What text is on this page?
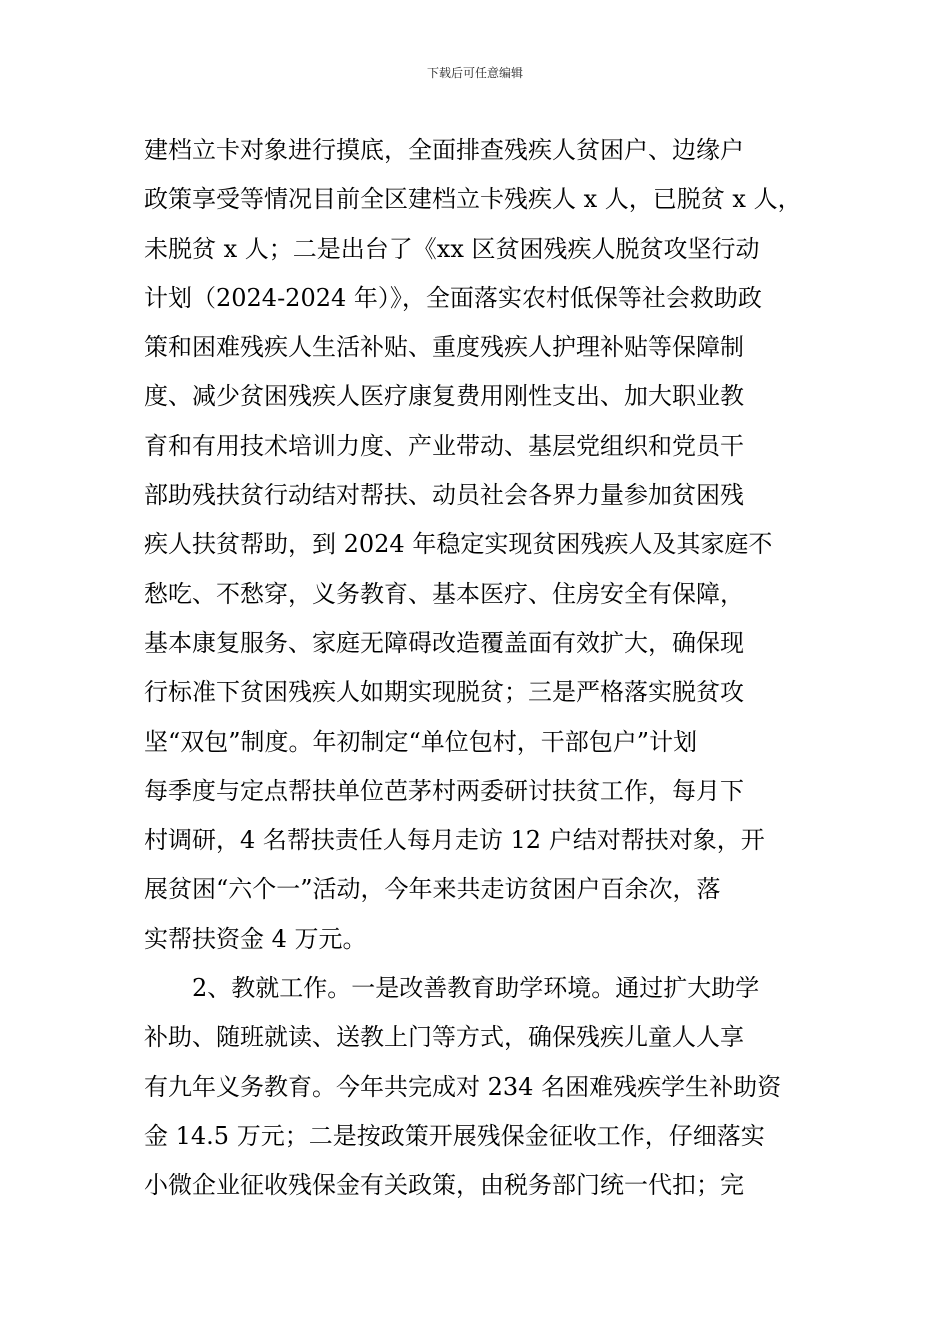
下载后可任意编辑
建档立卡对象进行摸底，全面排查残疾人贫困户、边缘户
政策享受等情况目前全区建档立卡残疾人 x 人，已脱贫 x 人，
未脱贫 x 人；二是出台了《xx 区贫困残疾人脱贫攻坚行动
计划（2024-2024 年）》，全面落实农村低保等社会救助政
策和困难残疾人生活补贴、重度残疾人护理补贴等保障制
度、减少贫困残疾人医疗康复费用刚性支出、加大职业教
育和有用技术培训力度、产业带动、基层党组织和党员干
部助残扶贫行动结对帮扶、动员社会各界力量参加贫困残
疾人扶贫帮助，到 2024 年稳定实现贫困残疾人及其家庭不
愁吃、不愁穿，义务教育、基本医疗、住房安全有保障，
基本康复服务、家庭无障碍改造覆盖面有效扩大，确保现
行标准下贫困残疾人如期实现脱贫；三是严格落实脱贫攻
坚“双包”制度。年初制定“单位包村，干部包户”计划
每季度与定点帮扶单位芭茅村两委研讨扶贫工作，每月下
村调研，4 名帮扶责任人每月走访 12 户结对帮扶对象，开
展贫困“六个一”活动，今年来共走访贫困户百余次，落
实帮扶资金 4 万元。
2、教就工作。一是改善教育助学环境。通过扩大助学
补助、随班就读、送教上门等方式，确保残疾儿童人人享
有九年义务教育。今年共完成对 234 名困难残疾学生补助资
金 14.5 万元；二是按政策开展残保金征收工作，仔细落实
小微企业征收残保金有关政策，由税务部门统一代扣；完
